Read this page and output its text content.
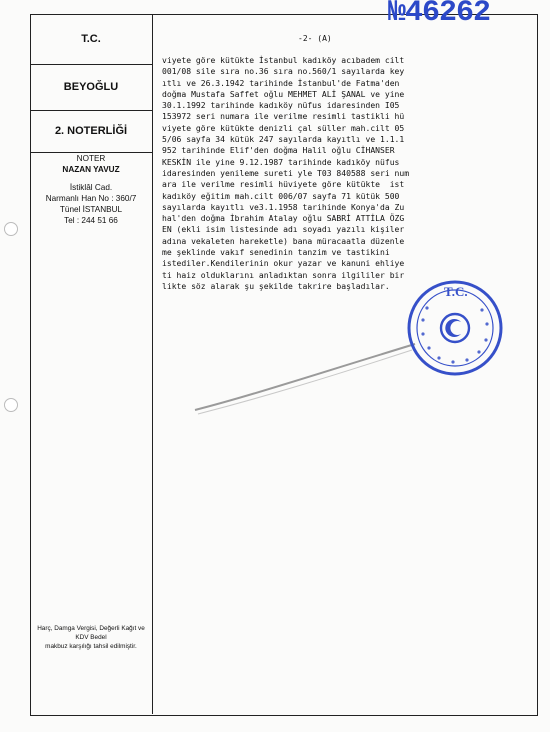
T.C.
BEYOĞLU
2. NOTERLİĞİ
NOTER
NAZAN YAVUZ
İstiklâl Cad.
Narmanlı Han No : 360/7
Tünel İSTANBUL
Tel : 244 51 66
Harç, Damga Vergisi, Değerli Kağıt ve
KDV Bedel
makbuz karşılığı tahsil edilmiştir.
№46262
-2- (A)
viyete göre kütükte İstanbul kadıköy acıbadem cilt
001/08 sile sıra no.36 sıra no.560/1 sayılarda key
ıtlı ve 26.3.1942 tarihinde İstanbul'de Fatma'den
doğma Mustafa Saffet oğlu MEHMET ALİ ŞANAL ve yine
30.1.1992 tarihinde kadıköy nüfus idaresinden I05
153972 seri numara ile verilme resimli tastikli hü
viyete göre kütükte denizli çal süller mah.cilt 05
5/06 sayfa 34 kütük 247 sayılarda kayıtlı ve 1.1.1
952 tarihinde Elif'den doğma Halil oğlu CİHANSER
KESKİN ile yine 9.12.1987 tarihinde kadıköy nüfus
idaresinden yenileme sureti yle T03 840588 seri num
ara ile verilme resimli hüviyete göre kütükte  ist
kadıköy eğitim mah.cilt 006/07 sayfa 71 kütük 500
sayılarda kayıtlı ve3.1.1958 tarihinde Konya'da Zu
hal'den doğma İbrahim Atalay oğlu SABRİ ATTİLA ÖZG
EN (ekli isim listesinde adı soyadı yazılı kişiler
adına vekaleten hareketle) bana müracaatla düzenle
me şeklinde vakıf senedinin tanzim ve tastikini
istediler.Kendilerinin okur yazar ve kanuni ehliye
ti haiz olduklarını anladıktan sonra ilgililer bir
likte söz alarak şu şekilde takrire başladılar.	T.C.
